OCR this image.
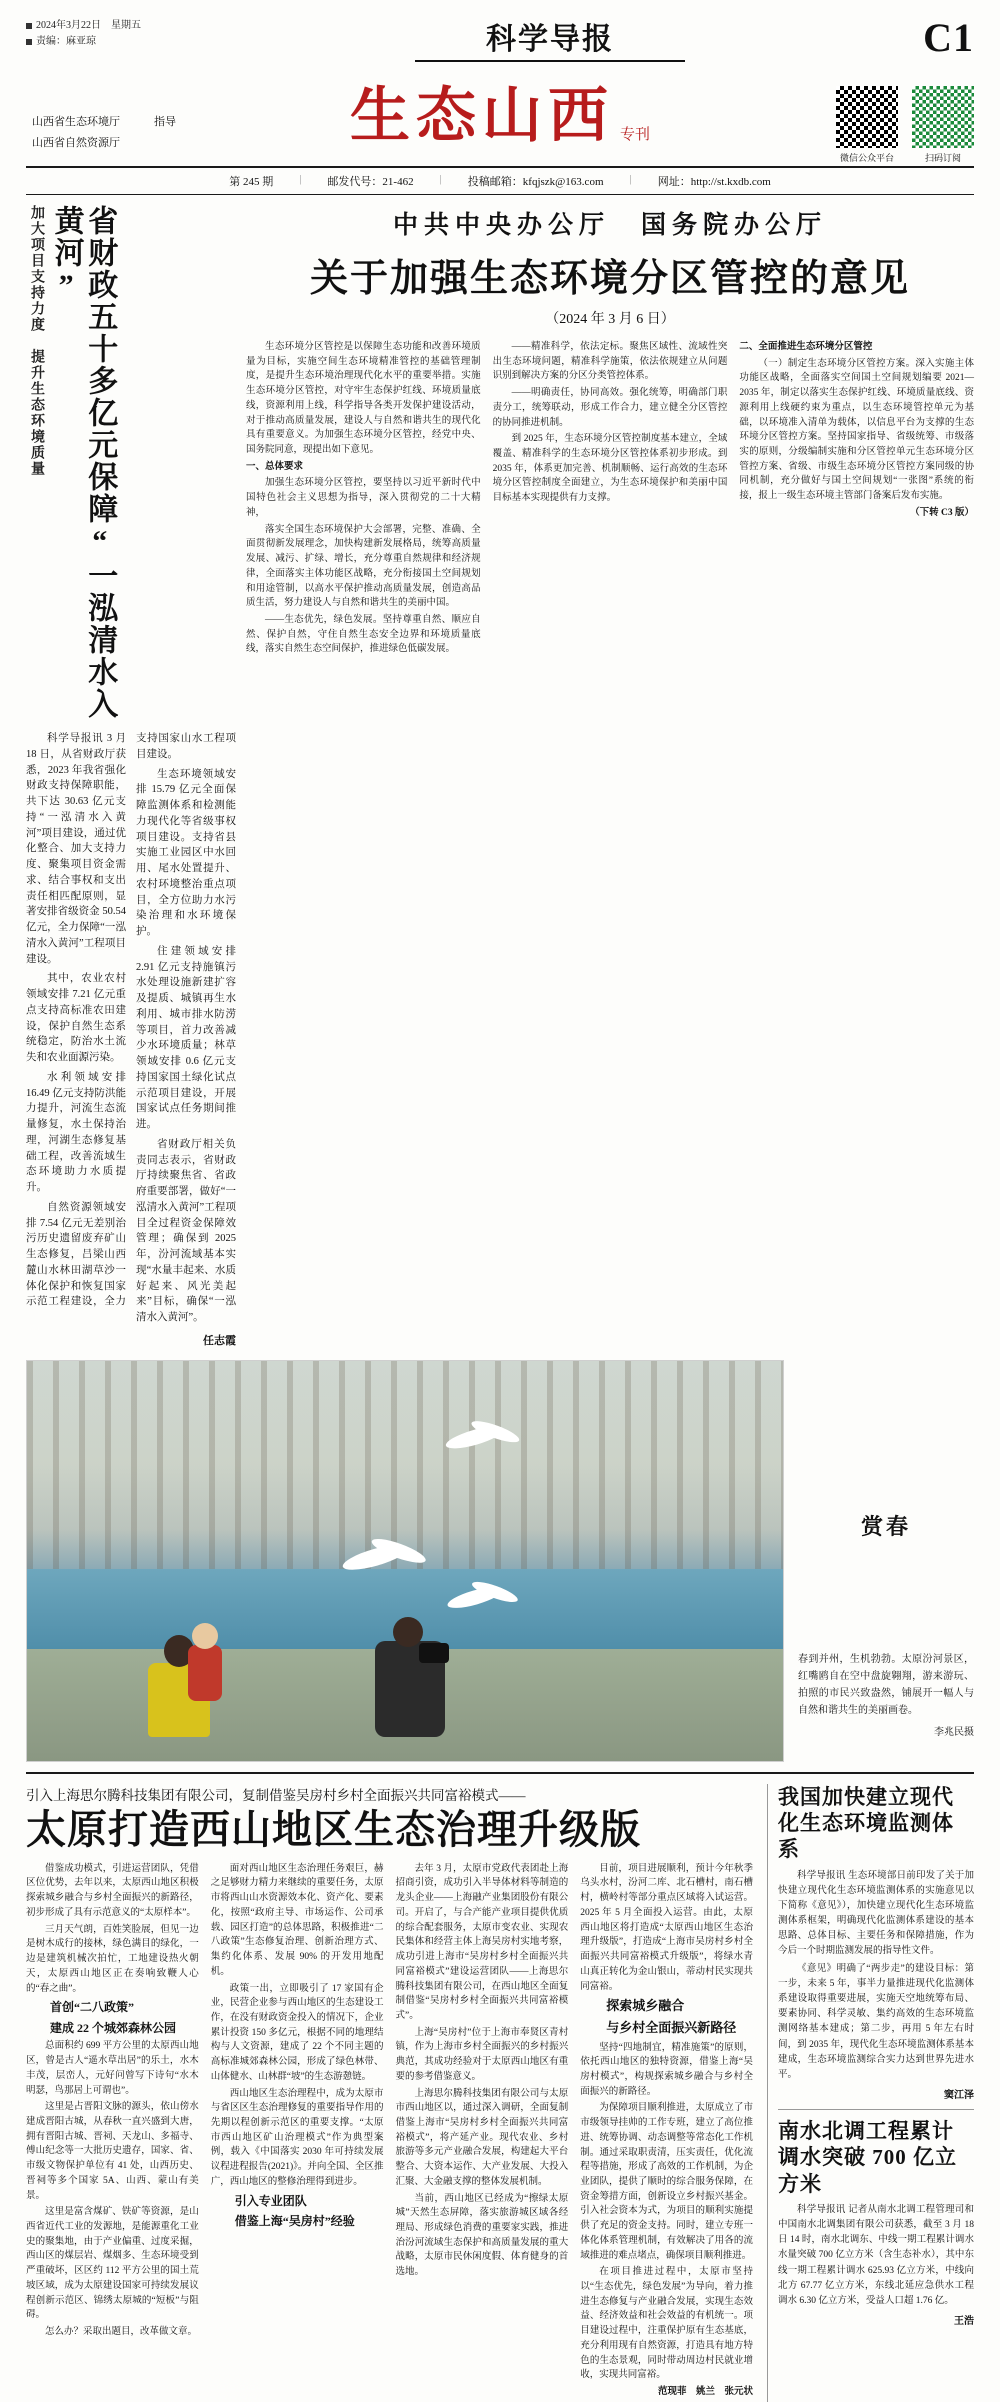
2024年3月22日　星期五
责编：麻亚琼	科学导报	C1
生态山西 专刊
山西省生态环境厅	指导
山西省自然资源厅
微信公众平台	扫码订阅
第 245 期 | 邮发代号：21-462 | 投稿邮箱：kfqjszk@163.com | 网址：http://st.kxdb.com
省财政五十多亿元保障“一泓清水入黄河”
加大项目支持力度　提升生态环境质量

科学导报讯 3 月 18 日，从省财政厅获悉，2023 年我省强化财政支持保障职能，共下达 30.63 亿元支持“一泓清水入黄河”项目建设，通过优化整合、加大支持力度、聚集项目资金需求、结合事权和支出责任相匹配原则，显著安排省级资金 50.54 亿元，全力保障“一泓清水入黄河”工程项目建设。

其中，农业农村领域安排 7.21 亿元重点支持高标准农田建设，保护自然生态系统稳定，防治水土流失和农业面源污染。

水利领域安排 16.49 亿元支持防洪能力提升，河流生态流量修复，水土保持治理，河湖生态修复基础工程，改善流域生态环境助力水质提升。

自然资源领域安排 7.54 亿元无差别治污历史遗留废弃矿山生态修复，吕梁山西麓山水林田湖草沙一体化保护和恢复国家示范工程建设，全力支持国家山水工程项目建设。

生态环境领域安排 15.79 亿元全面保障监测体系和检测能力现代化等省级事权项目建设。支持省县实施工业园区中水回用、尾水处置提升、农村环境整治重点项目，全方位助力水污染治理和水环境保护。

住建领域安排 2.91 亿元支持施镇污水处理设施新建扩容及提质、城镇再生水利用、城市排水防涝等项目，首力改善减少水环境质量；林草领域安排 0.6 亿元支持国家国土绿化试点示范项目建设，开展国家试点任务期间推进。

省财政厅相关负责同志表示，省财政厅持续聚焦省、省政府重要部署，做好“一泓清水入黄河”工程项目全过程资金保障效管理；确保到 2025 年，汾河流域基本实现“水量丰起来、水质好起来、风光美起来”目标，确保“一泓清水入黄河”。

任志霞
中共中央办公厅　国务院办公厅
关于加强生态环境分区管控的意见
（2024 年 3 月 6 日）

生态环境分区管控是以保障生态功能和改善环境质量为目标，实施空间生态环境精准管控的基础管理制度，是提升生态环境治理现代化水平的重要举措。实施生态环境分区管控，对守牢生态保护红线、环境质量底线，资源利用上线，科学指导各类开发保护建设活动，对于推动高质量发展，建设人与自然和谐共生的现代化具有重要意义。为加强生态环境分区管控，经党中央、国务院同意，现提出如下意见。

一、总体要求

加强生态环境分区管控，要坚持以习近平新时代中国特色社会主义思想为指导，深入贯彻党的二十大精神，

落实全国生态环境保护大会部署，完整、准确、全面贯彻新发展理念，加快构建新发展格局，统筹高质量发展、减污、扩绿、增长，充分尊重自然规律和经济规律，全面落实主体功能区战略，充分衔接国土空间规划和用途管制，以高水平保护推动高质量发展，创造高品质生活，努力建设人与自然和谐共生的美丽中国。

——生态优先，绿色发展。坚持尊重自然、顺应自然、保护自然，守住自然生态安全边界和环境质量底线，落实自然生态空间保护，推进绿色低碳发展。

——精准科学，依法定标。聚焦区域性、流域性突出生态环境问题，精准科学施策，依法依规建立从问题识别到解决方案的分区分类管控体系。

——明确责任，协同高效。强化统筹，明确部门职责分工，统筹联动，形成工作合力，建立健全分区管控的协同推进机制。

到 2025 年，生态环境分区管控制度基本建立，全域覆盖、精准科学的生态环境分区管控体系初步形成。到 2035 年，体系更加完善、机制顺畅、运行高效的生态环境分区管控制度全面建立，为生态环境保护和美丽中国目标基本实现提供有力支撑。

二、全面推进生态环境分区管控

（一）制定生态环境分区管控方案。深入实施主体功能区战略，全面落实空间国土空间规划编要 2021—2035 年，制定以落实生态保护红线、环境质量底线、资源利用上线硬约束为重点，以生态环境管控单元为基础，以环境准入清单为载体，以信息平台为支撑的生态环境分区管控方案。坚持国家指导、省级统筹、市级落实的原则，分级编制实施和分区管控单元生态环境分区管控方案、省级、市级生态环境分区管控方案同级的协同机制，充分做好与国土空间规划“一张图”系统的衔接，报上一级生态环境主管部门备案后发布实施。

（下转 C3 版）

赏春
春到并州，生机勃勃。太原汾河景区，红嘴鸥自在空中盘旋翱翔，游来游玩、拍照的市民兴致盎然，铺展开一幅人与自然和谐共生的美丽画卷。
李兆民摄
引入上海思尔腾科技集团有限公司，复制借鉴吴房村乡村全面振兴共同富裕模式——
太原打造西山地区生态治理升级版

借鉴成功模式，引进运营团队，凭借区位优势，去年以来，太原西山地区积极探索城乡融合与乡村全面振兴的新路径，初步形成了具有示范意义的“太原样本”。

三月天气朗，百姓笑脸展，但见一边是树木成行的接林，绿色满目的绿化，一边是建筑机械次拍忙，工地建设热火朝天，太原西山地区正在奏响致鞭人心的“春之曲”。

首创“二八政策”

建成 22 个城郊森林公园

总面积约 699 平方公里的太原西山地区，曾是古人“遥水草出居”的乐土，水木丰茂，层峦人，元好问曾写下诗句“水木明瑟，鸟那居上可谓也”。

这里是占晋阳文脉的源头，依山傍水建成晋阳古城，从春秋一直兴盛到大唐，拥有晋阳古城、晋祠、天龙山、多福寺、傅山纪念等一大批历史遗存，国家、省、市级文物保护单位有 41 处，山西历史、晋祠等多个国家 5A、山西、蒙山有美景。

这里是富含煤矿、铁矿等资源，是山西省近代工业的发源地，是能源重化工业史的聚集地，由于产业偏重、过度采掘，西山区的煤层岩、煤烟多、生态环境受到严重破坏，区区约 112 平方公里的国土荒坡区域，成为太原建设国家可持续发展议程创新示范区、锦绣太原城的“短板”与阻碍。

怎么办？采取出题目，改革做文章。

面对西山地区生态治理任务艰巨，赫之足够财力精力来继续的重要任务，太原市将西山山水资源效本化、资产化、要素化，按照“政府主导、市场运作、公司承载、园区打造”的总体思路，积极推进“二八政策”生态修复治理、创新治理方式、集约化体系、发展 90% 的开发用地配机。

政策一出，立即吸引了 17 家国有企业，民营企业参与西山地区的生态建设工作，在没有财政资金投入的情况下，企业累计投资 150 多亿元，根据不同的地理结构与人文资源，建成了 22 个不同主题的高标准城郊森林公园，形成了绿色林带、山体健水、山林群“坡”的生态游憩链。

西山地区生态治理程中，成为太原市与省区区生态治理修复的重要指导作用的先期以程创新示范区的重要支撑。“太原市西山地区矿山治理模式”作为典型案例，载入《中国落实 2030 年可持续发展议程进程报告(2021)》。并向全国、全区推广，西山地区的整修治理得到进步。

引入专业团队

借鉴上海“吴房村”经验

去年 3 月，太原市党政代表团赴上海招商引资，成功引入半导体材料等制造的龙头企业——上海融产业集团股份有限公司。开启了，与合产能产业项目提供优质的综合配套服务，太原市变农业、实现农民集体和经营主体上海吴房村实地考察，成功引进上海市“吴房村乡村全面振兴共同富裕模式”建设运营团队——上海思尔腾科技集团有限公司，在西山地区全面复制借鉴“吴房村乡村全面振兴共同富裕模式”。

上海“吴房村”位于上海市奉贤区青村镇，作为上海市乡村全面振兴的乡村振兴典范，其成功经验对于太原西山地区有重要的参考借鉴意义。

上海思尔腾科技集团有限公司与太原市西山地区以，通过深入调研，全面复制借鉴上海市“吴房村乡村全面振兴共同富裕模式”，将产延产业。现代农业、乡村旅游等多元产业融合发展，构建起大平台整合、大资本运作、大产业发展、大投入汇聚、大金融支撑的整体发展机制。

当前，西山地区已经成为“擦绿太原城”天然生态屏障，落实旅游城区域各经理局、形成绿色消费的重要家实践，推进治汾河流域生态保护和高质量发展的重大战略，太原市民休闲度假、体育健身的首选地。

目前，项目进展顺利，预计今年秋季乌头水村，汾河二库、北石槽村，南石槽村，横岭村等部分重点区域将入试运营。2025 年 5 月全面投入运营。由此，太原西山地区将打造成“太原西山地区生态治理升级版”，打造成“上海市吴房村乡村全面振兴共同富裕模式升级版”，将绿水青山真正转化为金山银山，蒂动村民实现共同富裕。

探索城乡融合

与乡村全面振兴新路径

坚持“四地制宜，精准施策”的原则，依托西山地区的独特资源，借鉴上海“吴房村模式”，构规探索城乡融合与乡村全面振兴的新路径。

为保障项目顺利推进，太原成立了市市级领导挂帅的工作专班，建立了高位推进、统筹协调、动态调整等常态化工作机制。通过采取职责清，压实责任，优化流程等措施，形成了高效的工作机制，为企业团队，提供了顺时的综合服务保障，在资金筹措方面，创新设立乡村振兴基金。引入社会资本为式，为项目的顺利实施提供了充足的资金支持。同时，建立专班一体化体系管理机制，有效解决了用各的流域推进的难点堵点，确保项目顺利推进。

在项目推进过程中，太原市坚持以“生态优先，绿色发展”为导向，着力推进生态修复与产业融合发展，实现生态效益、经济效益和社会效益的有机统一。项目建设过程中，注重保护原有生态基底，充分利用现有自然资源，打造具有地方特色的生态景观，同时带动周边村民就业增收，实现共同富裕。

范现菲　姚兰　张元状

我国加快建立现代化生态环境监测体系

科学导报讯 生态环境部日前印发了关于加快建立现代化生态环境监测体系的实施意见以下简称《意见》），加快建立现代化生态环境监测体系框架，明确现代化监测体系建设的基本思路、总体目标、主要任务和保障措施，作为今后一个时期监测发展的指导性文件。

《意见》明确了“两步走”的建设目标：第一步，未来 5 年，事半力量推进现代化监测体系建设取得重要进展，实施天空地统筹布局、要素协同、科学灵敏、集约高效的生态环境监测网络基本建成；第二步，再用 5 年左右时间，到 2035 年，现代化生态环境监测体系基本建成，生态环境监测综合实力达到世界先进水平。

窦江泽
南水北调工程累计调水突破 700 亿立方米

科学导报讯 记者从南水北调工程管理司和中国南水北调集团有限公司获悉，截至 3 月 18 日 14 时，南水北调东、中线一期工程累计调水水量突破 700 亿立方米（含生态补水），其中东线一期工程累计调水 625.93 亿立方米，中线向北方 67.77 亿立方米，东线北延应急供水工程调水 6.30 亿立方米，受益人口超 1.76 亿。

王浩
